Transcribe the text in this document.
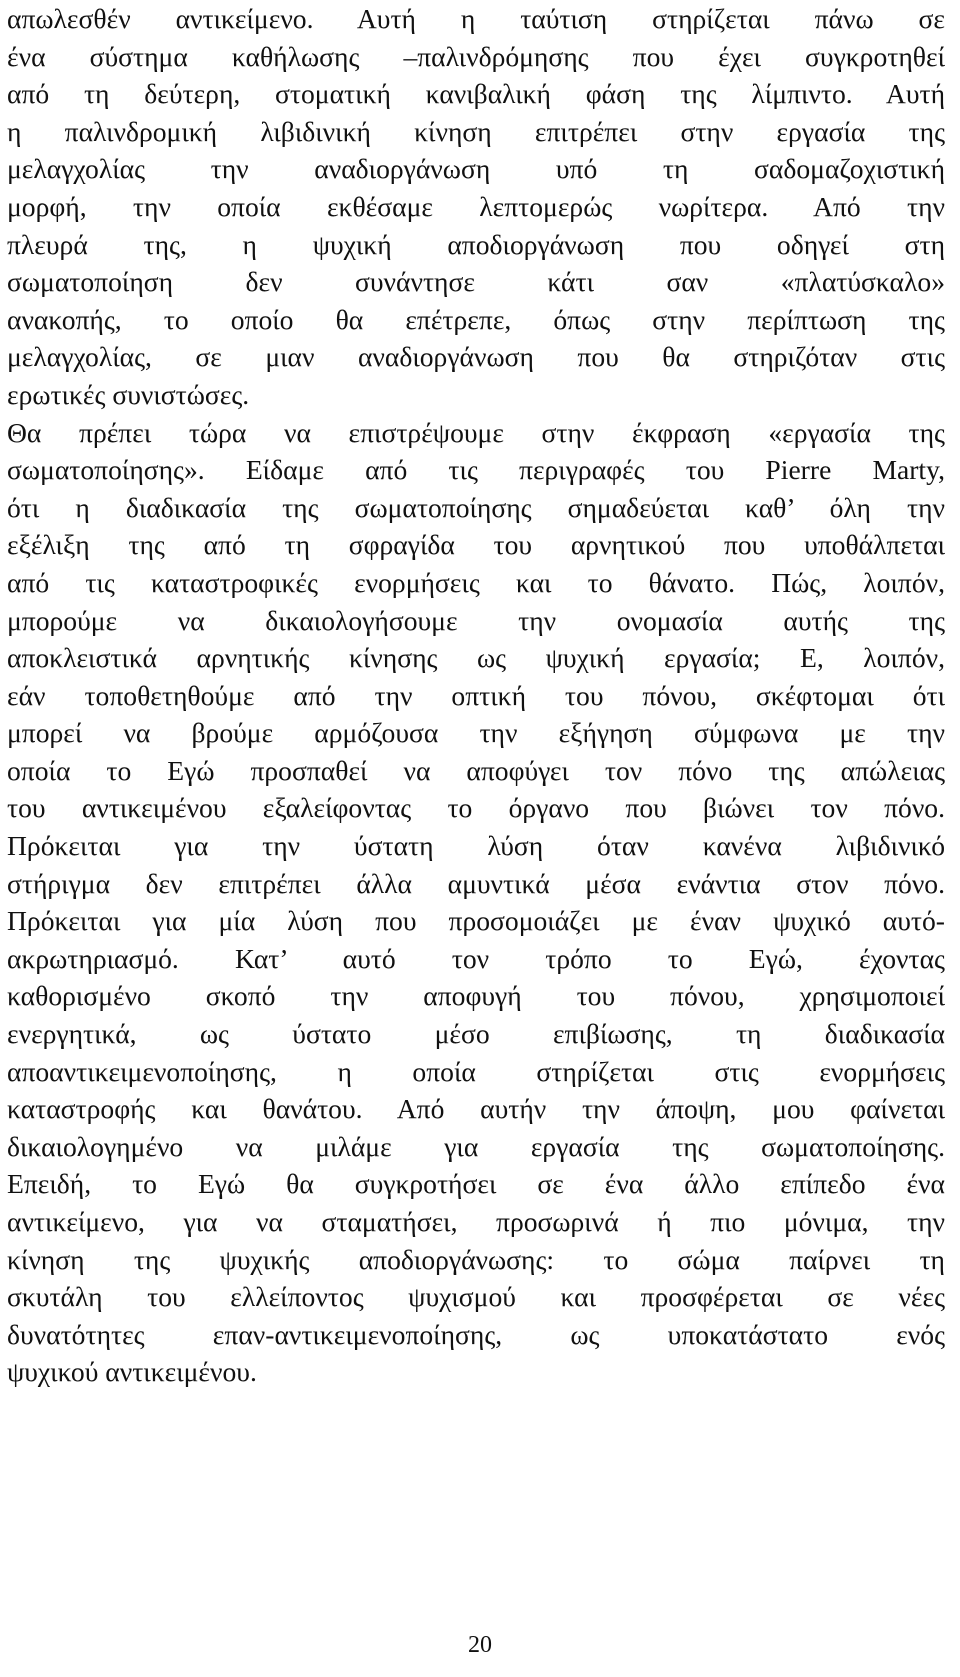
απωλεσθέν αντικείμενο. Αυτή η ταύτιση στηρίζεται πάνω σε
ένα σύστημα καθήλωσης –παλινδρόμησης που έχει συγκροτηθεί
από τη δεύτερη, στοματική κανιβαλική φάση της λίμπιντο. Αυτή
η παλινδρομική λιβιδινική κίνηση επιτρέπει στην εργασία της
μελαγχολίας την αναδιοργάνωση υπό τη σαδομαζοχιστική
μορφή, την οποία εκθέσαμε λεπτομερώς νωρίτερα. Από την
πλευρά της, η ψυχική αποδιοργάνωση που οδηγεί στη
σωματοποίηση δεν συνάντησε κάτι σαν «πλατύσκαλο»
ανακοπής, το οποίο θα επέτρεπε, όπως στην περίπτωση της
μελαγχολίας, σε μιαν αναδιοργάνωση που θα στηριζόταν στις
ερωτικές συνιστώσες.
Θα πρέπει τώρα να επιστρέψουμε στην έκφραση «εργασία της
σωματοποίησης». Είδαμε από τις περιγραφές του Pierre Marty,
ότι η διαδικασία της σωματοποίησης σημαδεύεται καθ’ όλη την
εξέλιξη της από τη σφραγίδα του αρνητικού που υποθάλπεται
από τις καταστροφικές ενορμήσεις και το θάνατο. Πώς, λοιπόν,
μπορούμε να δικαιολογήσουμε την ονομασία αυτής της
αποκλειστικά αρνητικής κίνησης ως ψυχική εργασία; Ε, λοιπόν,
εάν τοποθετηθούμε από την οπτική του πόνου, σκέφτομαι ότι
μπορεί να βρούμε αρμόζουσα την εξήγηση σύμφωνα με την
οποία το Εγώ προσπαθεί να αποφύγει τον πόνο της απώλειας
του αντικειμένου εξαλείφοντας το όργανο που βιώνει τον πόνο.
Πρόκειται για την ύστατη λύση όταν κανένα λιβιδινικό
στήριγμα δεν επιτρέπει άλλα αμυντικά μέσα ενάντια στον πόνο.
Πρόκειται για μία λύση που προσομοιάζει με έναν ψυχικό αυτό-
ακρωτηριασμό. Κατ’ αυτό τον τρόπο το Εγώ, έχοντας
καθορισμένο σκοπό την αποφυγή του πόνου, χρησιμοποιεί
ενεργητικά, ως ύστατο μέσο επιβίωσης, τη διαδικασία
αποαντικειμενοποίησης, η οποία στηρίζεται στις ενορμήσεις
καταστροφής και θανάτου. Από αυτήν την άποψη, μου φαίνεται
δικαιολογημένο να μιλάμε για εργασία της σωματοποίησης.
Επειδή, το Εγώ θα συγκροτήσει σε ένα άλλο επίπεδο ένα
αντικείμενο, για να σταματήσει, προσωρινά ή πιο μόνιμα, την
κίνηση της ψυχικής αποδιοργάνωσης: το σώμα παίρνει τη
σκυτάλη του ελλείποντος ψυχισμού και προσφέρεται σε νέες
δυνατότητες επαν-αντικειμενοποίησης, ως υποκατάστατο ενός
ψυχικού αντικειμένου.
20
